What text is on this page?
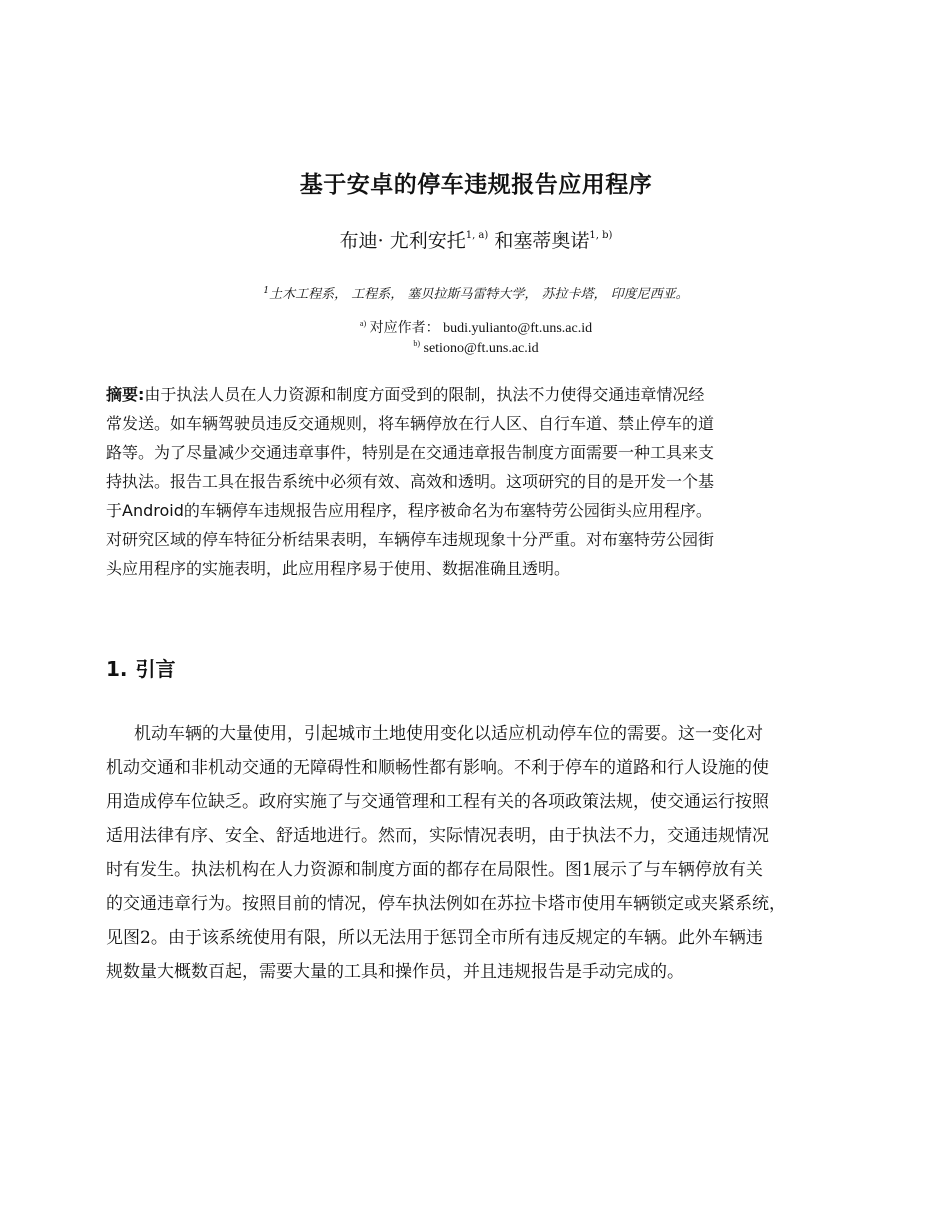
基于安卓的停车违规报告应用程序
布迪· 尤利安托$^{1, a)}$ 和塞蒂奥诺$^{1, b)}$
$^1$土木工程系， 工程系， 塞贝拉斯马雷特大学， 苏拉卡塔， 印度尼西亚。
$^{a)}$ 对应作者： budi.yulianto@ft.uns.ac.id
$^{b)}$ setiono@ft.uns.ac.id
摘要:由于执法人员在人力资源和制度方面受到的限制，执法不力使得交通违章情况经
常发送。如车辆驾驶员违反交通规则，将车辆停放在行人区、自行车道、禁止停车的道
路等。为了尽量减少交通违章事件，特别是在交通违章报告制度方面需要一种工具来支
持执法。报告工具在报告系统中必须有效、高效和透明。这项研究的目的是开发一个基
于Android的车辆停车违规报告应用程序，程序被命名为布塞特劳公园街头应用程序。
对研究区域的停车特征分析结果表明，车辆停车违规现象十分严重。对布塞特劳公园街
头应用程序的实施表明，此应用程序易于使用、数据准确且透明。
1. 引言
机动车辆的大量使用，引起城市土地使用变化以适应机动停车位的需要。这一变化对
机动交通和非机动交通的无障碍性和顺畅性都有影响。不利于停车的道路和行人设施的使
用造成停车位缺乏。政府实施了与交通管理和工程有关的各项政策法规，使交通运行按照
适用法律有序、安全、舒适地进行。然而，实际情况表明，由于执法不力，交通违规情况
时有发生。执法机构在人力资源和制度方面的都存在局限性。图1展示了与车辆停放有关
的交通违章行为。按照目前的情况，停车执法例如在苏拉卡塔市使用车辆锁定或夹紧系统，
见图2。由于该系统使用有限，所以无法用于惩罚全市所有违反规定的车辆。此外车辆违
规数量大概数百起，需要大量的工具和操作员，并且违规报告是手动完成的。
